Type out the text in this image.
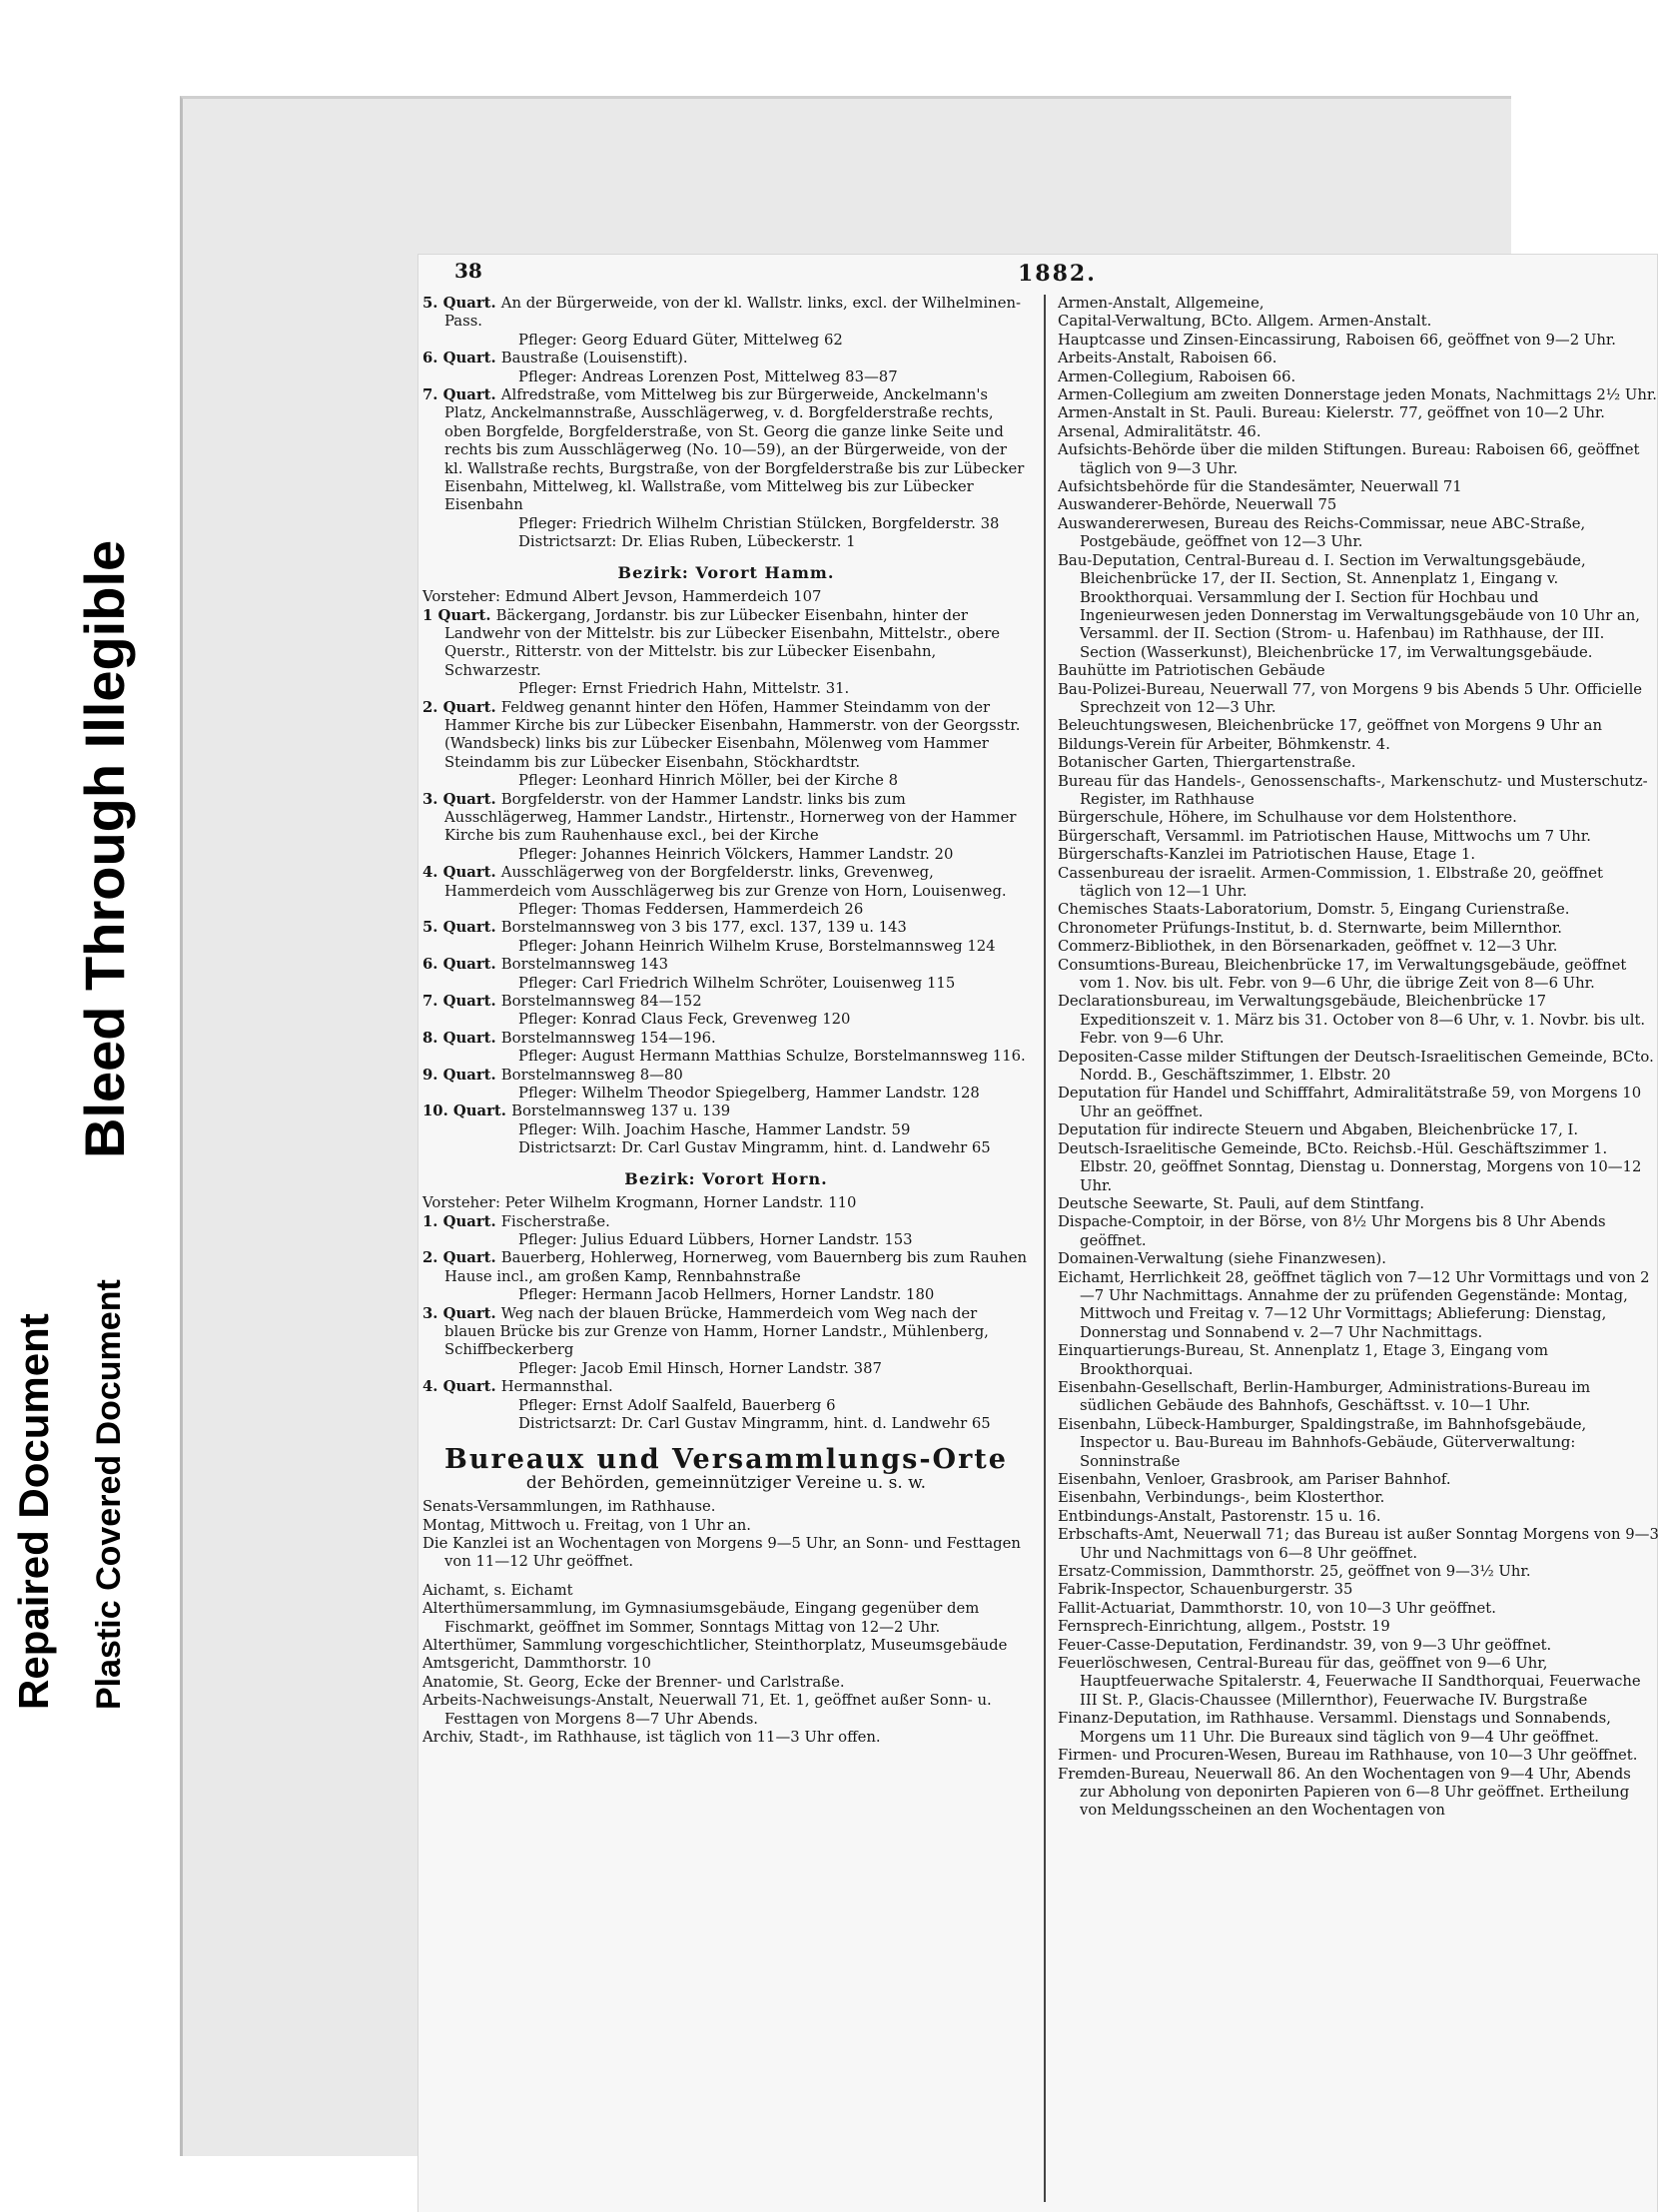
Repaired Document Plastic Covered Document
Bleed Through Illegible
38	1882.
5. Quart. An der Bürgerweide, von der kl. Wallstr. links, excl. der Wilhelminen-Pass.
Pfleger: Georg Eduard Güter, Mittelweg 62
6. Quart. Baustraße (Louisenstift).
Pfleger: Andreas Lorenzen Post, Mittelweg 83—87
7. Quart. Alfredstraße, vom Mittelweg bis zur Bürgerweide, Anckelmann's Platz, Anckelmannstraße, Ausschlägerweg, v. d. Borgfelderstraße rechts, oben Borgfelde, Borgfelderstraße, von St. Georg die ganze linke Seite und rechts bis zum Ausschlägerweg (No. 10—59), an der Bürgerweide, von der kl. Wallstraße rechts, Burgstraße, von der Borgfelderstraße bis zur Lübecker Eisenbahn, Mittelweg, kl. Wallstraße, vom Mittelweg bis zur Lübecker Eisenbahn
Pfleger: Friedrich Wilhelm Christian Stülcken, Borgfelderstr. 38
Districtsarzt: Dr. Elias Ruben, Lübeckerstr. 1
Bezirk: Vorort Hamm.
Vorsteher: Edmund Albert Jevson, Hammerdeich 107
1 Quart. Bäckergang, Jordanstr. bis zur Lübecker Eisenbahn, hinter der Landwehr von der Mittelstr. bis zur Lübecker Eisenbahn, Mittelstr., obere Querstr., Ritterstr. von der Mittelstr. bis zur Lübecker Eisenbahn, Schwarzestr.
Pfleger: Ernst Friedrich Hahn, Mittelstr. 31.
2. Quart. Feldweg genannt hinter den Höfen, Hammer Steindamm von der Hammer Kirche bis zur Lübecker Eisenbahn, Hammerstr. von der Georgsstr. (Wandsbeck) links bis zur Lübecker Eisenbahn, Mölenweg vom Hammer Steindamm bis zur Lübecker Eisenbahn, Stöckhardtstr.
Pfleger: Leonhard Hinrich Möller, bei der Kirche 8
3. Quart. Borgfelderstr. von der Hammer Landstr. links bis zum Ausschlägerweg, Hammer Landstr., Hirtenstr., Hornerweg von der Hammer Kirche bis zum Rauhenhause excl., bei der Kirche
Pfleger: Johannes Heinrich Völckers, Hammer Landstr. 20
4. Quart. Ausschlägerweg von der Borgfelderstr. links, Grevenweg, Hammerdeich vom Ausschlägerweg bis zur Grenze von Horn, Louisenweg.
Pfleger: Thomas Feddersen, Hammerdeich 26
5. Quart. Borstelmannsweg von 3 bis 177, excl. 137, 139 u. 143
Pfleger: Johann Heinrich Wilhelm Kruse, Borstelmannsweg 124
6. Quart. Borstelmannsweg 143
Pfleger: Carl Friedrich Wilhelm Schröter, Louisenweg 115
7. Quart. Borstelmannsweg 84—152
Pfleger: Konrad Claus Feck, Grevenweg 120
8. Quart. Borstelmannsweg 154—196.
Pfleger: August Hermann Matthias Schulze, Borstelmannsweg 116.
9. Quart. Borstelmannsweg 8—80
Pfleger: Wilhelm Theodor Spiegelberg, Hammer Landstr. 128
10. Quart. Borstelmannsweg 137 u. 139
Pfleger: Wilh. Joachim Hasche, Hammer Landstr. 59
Districtsarzt: Dr. Carl Gustav Mingramm, hint. d. Landwehr 65
Bezirk: Vorort Horn.
Vorsteher: Peter Wilhelm Krogmann, Horner Landstr. 110
1. Quart. Fischerstraße.
Pfleger: Julius Eduard Lübbers, Horner Landstr. 153
2. Quart. Bauerberg, Hohlerweg, Hornerweg, vom Bauernberg bis zum Rauhen Hause incl., am großen Kamp, Rennbahnstraße
Pfleger: Hermann Jacob Hellmers, Horner Landstr. 180
3. Quart. Weg nach der blauen Brücke, Hammerdeich vom Weg nach der blauen Brücke bis zur Grenze von Hamm, Horner Landstr., Mühlenberg, Schiffbeckerberg
Pfleger: Jacob Emil Hinsch, Horner Landstr. 387
4. Quart. Hermannsthal.
Pfleger: Ernst Adolf Saalfeld, Bauerberg 6
Districtsarzt: Dr. Carl Gustav Mingramm, hint. d. Landwehr 65
Bureaux und Versammlungs-Orte
der Behörden, gemeinnütziger Vereine u. s. w.
Senats-Versammlungen, im Rathhause.
Montag, Mittwoch u. Freitag, von 1 Uhr an.
Die Kanzlei ist an Wochentagen von Morgens 9—5 Uhr, an Sonn- und Festtagen von 11—12 Uhr geöffnet.
Aichamt, s. Eichamt
Alterthümersammlung, im Gymnasiumsgebäude, Eingang gegenüber dem Fischmarkt, geöffnet im Sommer, Sonntags Mittag von 12—2 Uhr.
Alterthümer, Sammlung vorgeschichtlicher, Steinthorplatz, Museumsgebäude
Amtsgericht, Dammthorstr. 10
Anatomie, St. Georg, Ecke der Brenner- und Carlstraße.
Arbeits-Nachweisungs-Anstalt, Neuerwall 71, Et. 1, geöffnet außer Sonn- u. Festtagen von Morgens 8—7 Uhr Abends.
Archiv, Stadt-, im Rathhause, ist täglich von 11—3 Uhr offen.
Armen-Anstalt, Allgemeine,
Capital-Verwaltung, BCto. Allgem. Armen-Anstalt.
Hauptcasse und Zinsen-Eincassirung, Raboisen 66, geöffnet von 9—2 Uhr.
Arbeits-Anstalt, Raboisen 66.
Armen-Collegium, Raboisen 66.
Armen-Collegium am zweiten Donnerstage jeden Monats, Nachmittags 2½ Uhr.
Armen-Anstalt in St. Pauli. Bureau: Kielerstr. 77, geöffnet von 10—2 Uhr.
Arsenal, Admiralitätstr. 46.
Aufsichts-Behörde über die milden Stiftungen. Bureau: Raboisen 66, geöffnet täglich von 9—3 Uhr.
Aufsichtsbehörde für die Standesämter, Neuerwall 71
Auswanderer-Behörde, Neuerwall 75
Auswandererwesen, Bureau des Reichs-Commissar, neue ABC-Straße, Postgebäude, geöffnet von 12—3 Uhr.
Bau-Deputation, Central-Bureau d. I. Section im Verwaltungsgebäude, Bleichenbrücke 17, der II. Section, St. Annenplatz 1, Eingang v. Brookthorquai. Versammlung der I. Section für Hochbau und Ingenieurwesen jeden Donnerstag im Verwaltungsgebäude von 10 Uhr an, Versamml. der II. Section (Strom- u. Hafenbau) im Rathhause, der III. Section (Wasserkunst), Bleichenbrücke 17, im Verwaltungsgebäude.
Bauhütte im Patriotischen Gebäude
Bau-Polizei-Bureau, Neuerwall 77, von Morgens 9 bis Abends 5 Uhr. Officielle Sprechzeit von 12—3 Uhr.
Beleuchtungswesen, Bleichenbrücke 17, geöffnet von Morgens 9 Uhr an
Bildungs-Verein für Arbeiter, Böhmkenstr. 4.
Botanischer Garten, Thiergartenstraße.
Bureau für das Handels-, Genossenschafts-, Markenschutz- und Musterschutz-Register, im Rathhause
Bürgerschule, Höhere, im Schulhause vor dem Holstenthore.
Bürgerschaft, Versamml. im Patriotischen Hause, Mittwochs um 7 Uhr.
Bürgerschafts-Kanzlei im Patriotischen Hause, Etage 1.
Cassenbureau der israelit. Armen-Commission, 1. Elbstraße 20, geöffnet täglich von 12—1 Uhr.
Chemisches Staats-Laboratorium, Domstr. 5, Eingang Curienstraße.
Chronometer Prüfungs-Institut, b. d. Sternwarte, beim Millernthor.
Commerz-Bibliothek, in den Börsenarkaden, geöffnet v. 12—3 Uhr.
Consumtions-Bureau, Bleichenbrücke 17, im Verwaltungsgebäude, geöffnet vom 1. Nov. bis ult. Febr. von 9—6 Uhr, die übrige Zeit von 8—6 Uhr.
Declarationsbureau, im Verwaltungsgebäude, Bleichenbrücke 17 Expeditionszeit v. 1. März bis 31. October von 8—6 Uhr, v. 1. Novbr. bis ult. Febr. von 9—6 Uhr.
Depositen-Casse milder Stiftungen der Deutsch-Israelitischen Gemeinde, BCto. Nordd. B., Geschäftszimmer, 1. Elbstr. 20
Deputation für Handel und Schifffahrt, Admiralitätstraße 59, von Morgens 10 Uhr an geöffnet.
Deputation für indirecte Steuern und Abgaben, Bleichenbrücke 17, I.
Deutsch-Israelitische Gemeinde, BCto. Reichsb.-Hül. Geschäftszimmer 1. Elbstr. 20, geöffnet Sonntag, Dienstag u. Donnerstag, Morgens von 10—12 Uhr.
Deutsche Seewarte, St. Pauli, auf dem Stintfang.
Dispache-Comptoir, in der Börse, von 8½ Uhr Morgens bis 8 Uhr Abends geöffnet.
Domainen-Verwaltung (siehe Finanzwesen).
Eichamt, Herrlichkeit 28, geöffnet täglich von 7—12 Uhr Vormittags und von 2—7 Uhr Nachmittags. Annahme der zu prüfenden Gegenstände: Montag, Mittwoch und Freitag v. 7—12 Uhr Vormittags; Ablieferung: Dienstag, Donnerstag und Sonnabend v. 2—7 Uhr Nachmittags.
Einquartierungs-Bureau, St. Annenplatz 1, Etage 3, Eingang vom Brookthorquai.
Eisenbahn-Gesellschaft, Berlin-Hamburger, Administrations-Bureau im südlichen Gebäude des Bahnhofs, Geschäftsst. v. 10—1 Uhr.
Eisenbahn, Lübeck-Hamburger, Spaldingstraße, im Bahnhofsgebäude, Inspector u. Bau-Bureau im Bahnhofs-Gebäude, Güterverwaltung: Sonninstraße
Eisenbahn, Venloer, Grasbrook, am Pariser Bahnhof.
Eisenbahn, Verbindungs-, beim Klosterthor.
Entbindungs-Anstalt, Pastorenstr. 15 u. 16.
Erbschafts-Amt, Neuerwall 71; das Bureau ist außer Sonntag Morgens von 9—3 Uhr und Nachmittags von 6—8 Uhr geöffnet.
Ersatz-Commission, Dammthorstr. 25, geöffnet von 9—3½ Uhr.
Fabrik-Inspector, Schauenburgerstr. 35
Fallit-Actuariat, Dammthorstr. 10, von 10—3 Uhr geöffnet.
Fernsprech-Einrichtung, allgem., Poststr. 19
Feuer-Casse-Deputation, Ferdinandstr. 39, von 9—3 Uhr geöffnet.
Feuerlöschwesen, Central-Bureau für das, geöffnet von 9—6 Uhr, Hauptfeuerwache Spitalerstr. 4, Feuerwache II Sandthorquai, Feuerwache III St. P., Glacis-Chaussee (Millernthor), Feuerwache IV. Burgstraße
Finanz-Deputation, im Rathhause. Versamml. Dienstags und Sonnabends, Morgens um 11 Uhr. Die Bureaux sind täglich von 9—4 Uhr geöffnet.
Firmen- und Procuren-Wesen, Bureau im Rathhause, von 10—3 Uhr geöffnet.
Fremden-Bureau, Neuerwall 86. An den Wochentagen von 9—4 Uhr, Abends zur Abholung von deponirten Papieren von 6—8 Uhr geöffnet. Ertheilung von Meldungsscheinen an den Wochentagen von
